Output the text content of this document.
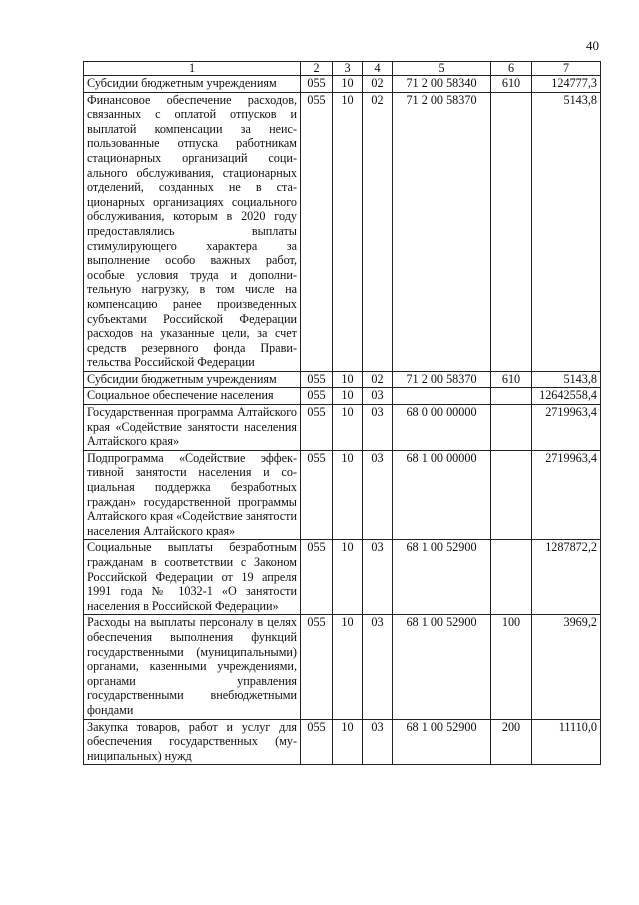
40
1	2	3	4	5	6	7
Субсидии бюджетным учреждениям	055	10	02	71 2 00 58340	610	124777,3
Финансовое обеспечение расходов, связанных с оплатой отпусков и выплатой компенсации за неиспользованные отпуска работникам стационарных организаций социального обслуживания, стационарных отделений, созданных не в стационарных организациях социального обслуживания, которым в 2020 году предоставлялись выплаты стимулирующего характера за выполнение особо важных работ, особые условия труда и дополнительную нагрузку, в том числе на компенсацию ранее произведенных субъектами Российской Федерации расходов на указанные цели, за счет средств резервного фонда Правительства Российской Федерации	055	10	02	71 2 00 58370		5143,8
Субсидии бюджетным учреждениям	055	10	02	71 2 00 58370	610	5143,8
Социальное обеспечение населения	055	10	03			12642558,4
Государственная программа Алтайского края «Содействие занятости населения Алтайского края»	055	10	03	68 0 00 00000		2719963,4
Подпрограмма «Содействие эффективной занятости населения и социальная поддержка безработных граждан» государственной программы Алтайского края «Содействие занятости населения Алтайского края»	055	10	03	68 1 00 00000		2719963,4
Социальные выплаты безработным гражданам в соответствии с Законом Российской Федерации от 19 апреля 1991 года № 1032-1 «О занятости населения в Российской Федерации»	055	10	03	68 1 00 52900		1287872,2
Расходы на выплаты персоналу в целях обеспечения выполнения функций государственными (муниципальными) органами, казенными учреждениями, органами управления государственными внебюджетными фондами	055	10	03	68 1 00 52900	100	3969,2
Закупка товаров, работ и услуг для обеспечения государственных (муниципальных) нужд	055	10	03	68 1 00 52900	200	11110,0
